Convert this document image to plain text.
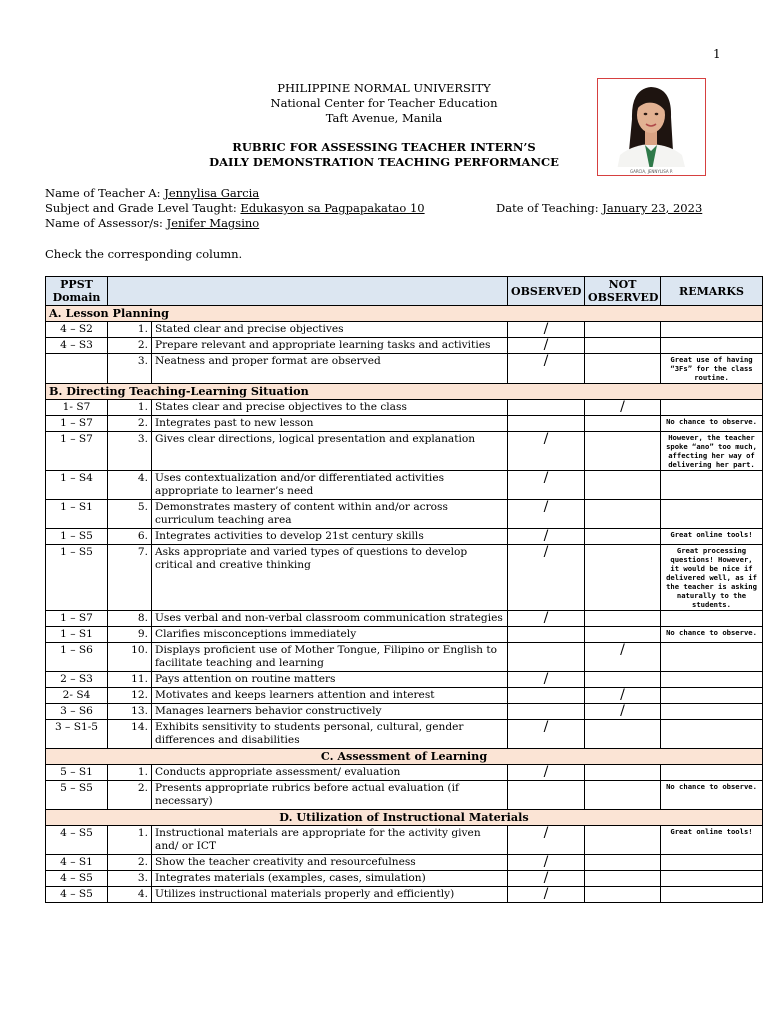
1
PHILIPPINE NORMAL UNIVERSITY
National Center for Teacher Education
Taft Avenue, Manila
RUBRIC FOR ASSESSING TEACHER INTERN’S
DAILY DEMONSTRATION TEACHING PERFORMANCE
GARCIA, JENNYLISA P.
Name of Teacher A: Jennylisa Garcia
Subject and Grade Level Taught: Edukasyon sa Pagpapakatao 10	Date of Teaching: January 23, 2023
Name of Assessor/s: Jenifer Magsino
Check the corresponding column.
PPST Domain			OBSERVED	NOT OBSERVED	REMARKS
A. Lesson Planning					
4 – S2	1.	Stated clear and precise objectives	/		
4 – S3	2.	Prepare relevant and appropriate learning tasks and activities	/		
	3.	Neatness and proper format are observed	/		Great use of having “3Fs” for the class routine.
B. Directing Teaching-Learning Situation					
1- S7	1.	States clear and precise objectives to the class		/	
1 – S7	2.	Integrates past to new lesson			No chance to observe.
1 – S7	3.	Gives clear directions, logical presentation and explanation	/		However, the teacher spoke “ano” too much, affecting her way of delivering her part.
1 – S4	4.	Uses contextualization and/or differentiated activities appropriate to learner’s need	/		
1 – S1	5.	Demonstrates mastery of content within and/or across curriculum teaching area	/		
1 – S5	6.	Integrates activities to develop 21st century skills	/		Great online tools!
1 – S5	7.	Asks appropriate and varied types of questions to develop critical and creative thinking	/		Great processing questions! However, it would be nice if delivered well, as if the teacher is asking naturally to the students.
1 – S7	8.	Uses verbal and non-verbal classroom communication strategies	/		
1 – S1	9.	Clarifies misconceptions immediately			No chance to observe.
1 – S6	10.	Displays proficient use of Mother Tongue, Filipino or English to facilitate teaching and learning		/	
2 – S3	11.	Pays attention on routine matters	/		
2- S4	12.	Motivates and keeps learners attention and interest		/	
3 – S6	13.	Manages learners behavior constructively		/	
3 – S1-5	14.	Exhibits sensitivity to students personal, cultural, gender differences and disabilities	/		
C. Assessment of Learning					
5 – S1	1.	Conducts appropriate assessment/ evaluation	/		
5 – S5	2.	Presents appropriate rubrics before actual evaluation (if necessary)			No chance to observe.
D. Utilization of Instructional Materials					
4 – S5	1.	Instructional materials are appropriate for the activity given and/ or ICT	/		Great online tools!
4 – S1	2.	Show the teacher creativity and resourcefulness	/		
4 – S5	3.	Integrates materials (examples, cases, simulation)	/		
4 – S5	4.	Utilizes instructional materials properly and efficiently)	/		
